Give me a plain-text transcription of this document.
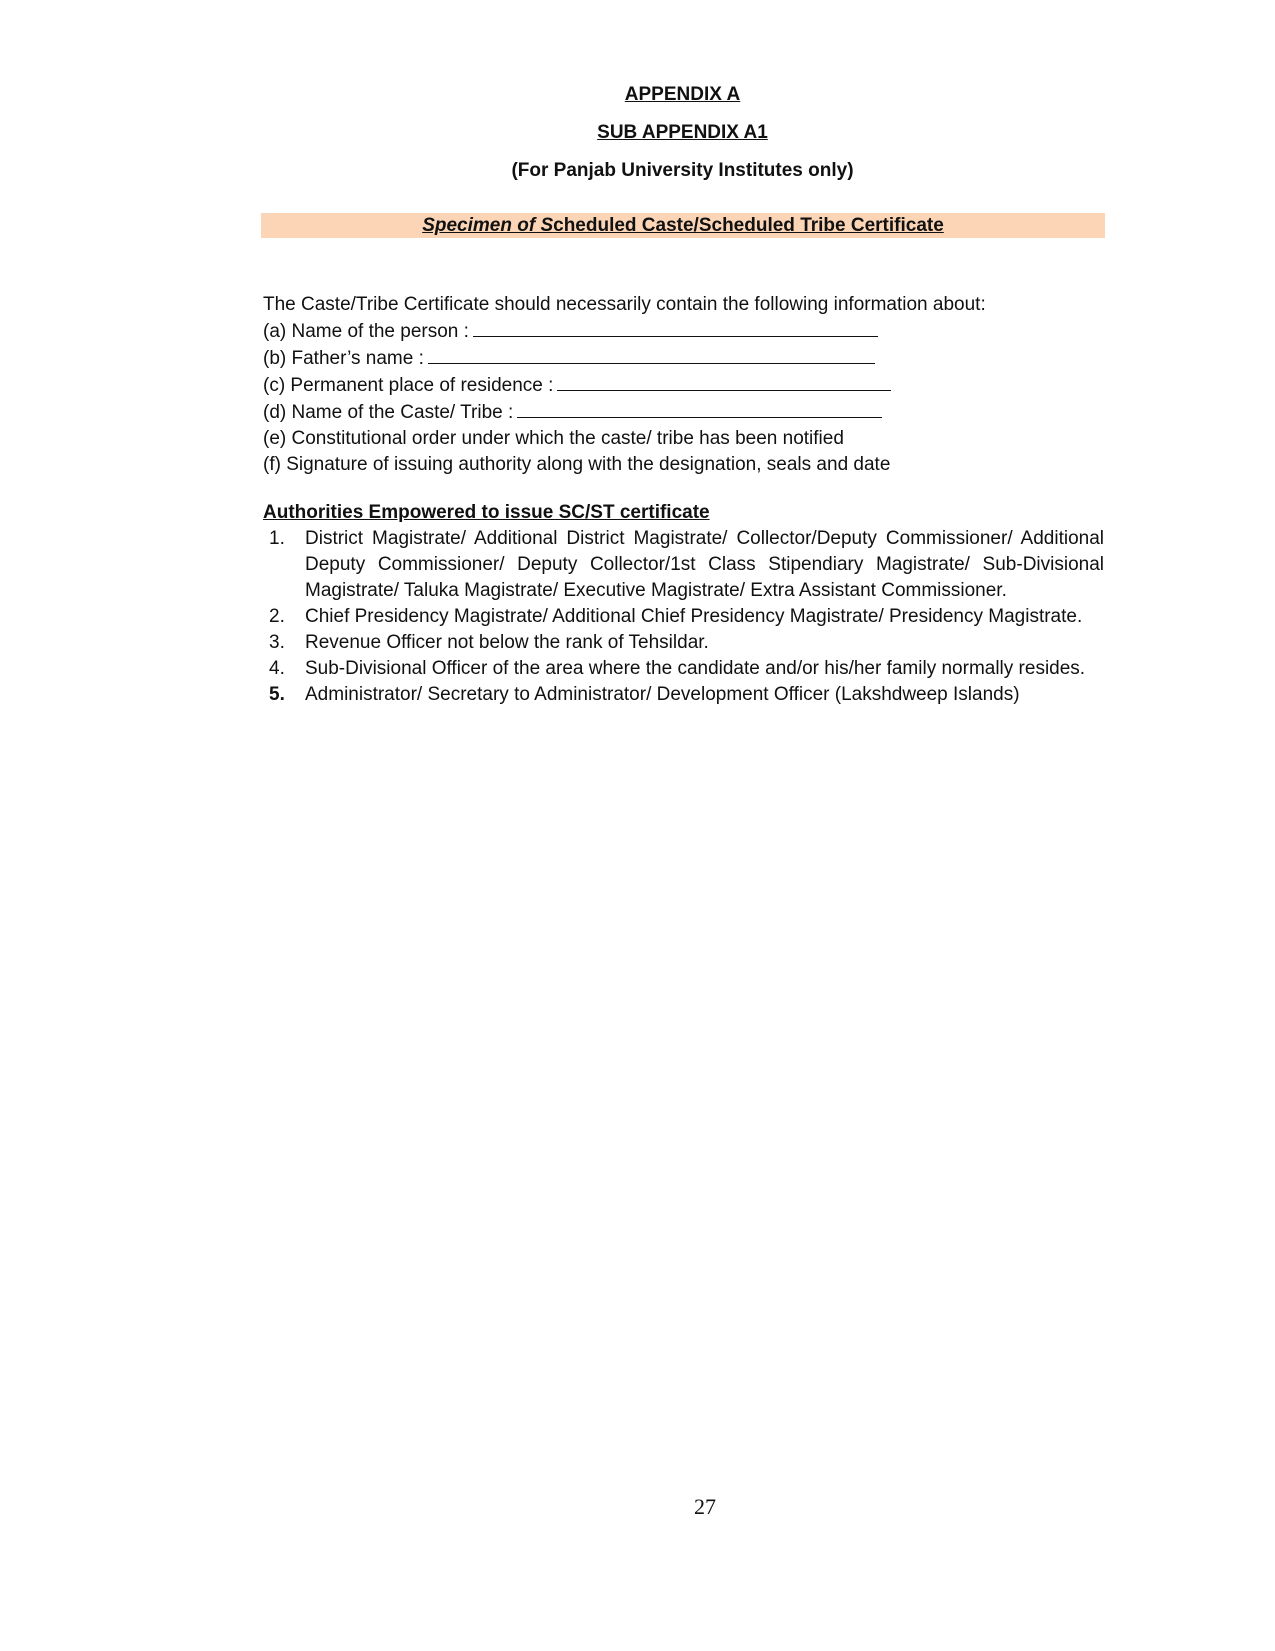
APPENDIX A
SUB APPENDIX A1
(For Panjab University Institutes only)
Specimen of Scheduled Caste/Scheduled Tribe Certificate
The Caste/Tribe Certificate should necessarily contain the following information about:
(a) Name of the person :
(b) Father’s name :
(c) Permanent place of residence :
(d) Name of the Caste/ Tribe :
(e) Constitutional order under which the caste/ tribe has been notified
(f) Signature of issuing authority along with the designation, seals and date
Authorities Empowered to issue SC/ST certificate
1. District Magistrate/ Additional District Magistrate/ Collector/Deputy Commissioner/ Additional Deputy Commissioner/ Deputy Collector/1st Class Stipendiary Magistrate/ Sub-Divisional Magistrate/ Taluka Magistrate/ Executive Magistrate/ Extra Assistant Commissioner.
2. Chief Presidency Magistrate/ Additional Chief Presidency Magistrate/ Presidency Magistrate.
3. Revenue Officer not below the rank of Tehsildar.
4. Sub-Divisional Officer of the area where the candidate and/or his/her family normally resides.
5. Administrator/ Secretary to Administrator/ Development Officer (Lakshdweep Islands)
27
